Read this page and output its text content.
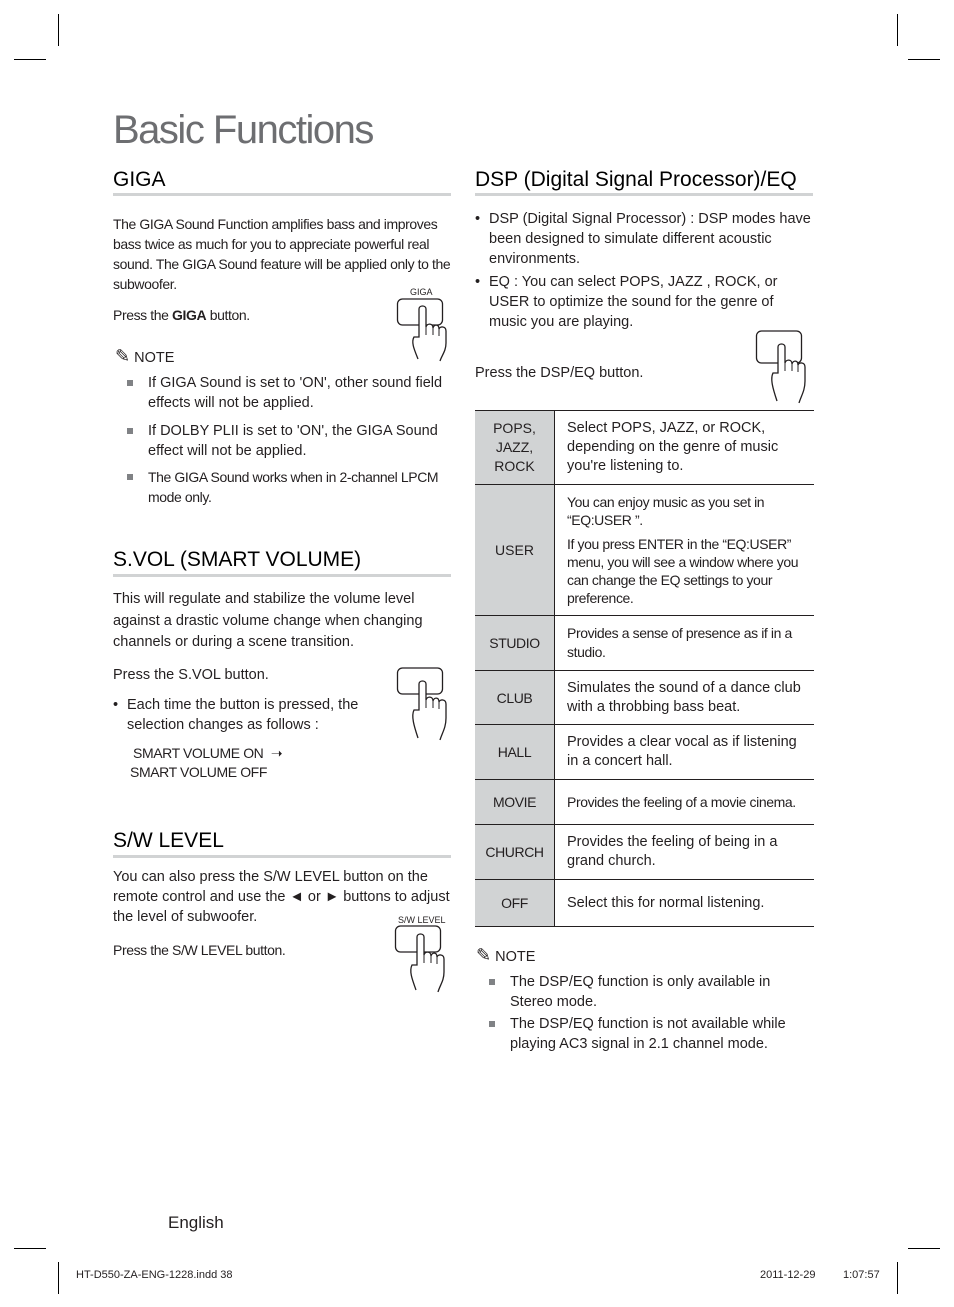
Basic Functions
GIGA
The GIGA Sound Function amplifies bass and improves bass twice as much for you to appreciate powerful real sound. The GIGA Sound feature will be applied only to the subwoofer.
Press the GIGA button.
GIGA
✎ NOTE
If GIGA Sound is set to 'ON', other sound field effects will not be applied.
If DOLBY PLII is set to 'ON', the GIGA Sound effect will not be applied.
The GIGA Sound works when in 2-channel LPCM mode only.
S.VOL (SMART VOLUME)
This will regulate and stabilize the volume level against a drastic volume change when changing channels or during a scene transition.
Press the S.VOL button.
• Each time the button is pressed, the selection changes as follows :
SMART VOLUME ON ➝
SMART VOLUME OFF
S/W LEVEL
You can also press the S/W LEVEL button on the remote control and use the ◄ or ► buttons to adjust the level of subwoofer.
Press the S/W LEVEL button.
S/W LEVEL
DSP (Digital Signal Processor)/EQ
• DSP (Digital Signal Processor) : DSP modes have been designed to simulate different acoustic environments.
• EQ : You can select POPS, JAZZ , ROCK, or USER to optimize the sound for the genre of music you are playing.
Press the DSP/EQ button.
POPS, JAZZ, ROCK	Select POPS, JAZZ, or ROCK, depending on the genre of music you're listening to.
USER	You can enjoy music as you set in “EQ:USER ”.
If you press ENTER in the “EQ:USER” menu, you will see a window where you can change the EQ settings to your preference.

STUDIO	Provides a sense of presence as if in a studio.
CLUB	Simulates the sound of a dance club with a throbbing bass beat.
HALL	Provides a clear vocal as if listening in a concert hall.
MOVIE	Provides the feeling of a movie cinema.
CHURCH	Provides the feeling of being in a grand church.
OFF	Select this for normal listening.
✎ NOTE
The DSP/EQ function is only available in Stereo mode.
The DSP/EQ function is not available while playing AC3 signal in 2.1 channel mode.
English
HT-D550-ZA-ENG-1228.indd 38	2011-12-29	1:07:57
